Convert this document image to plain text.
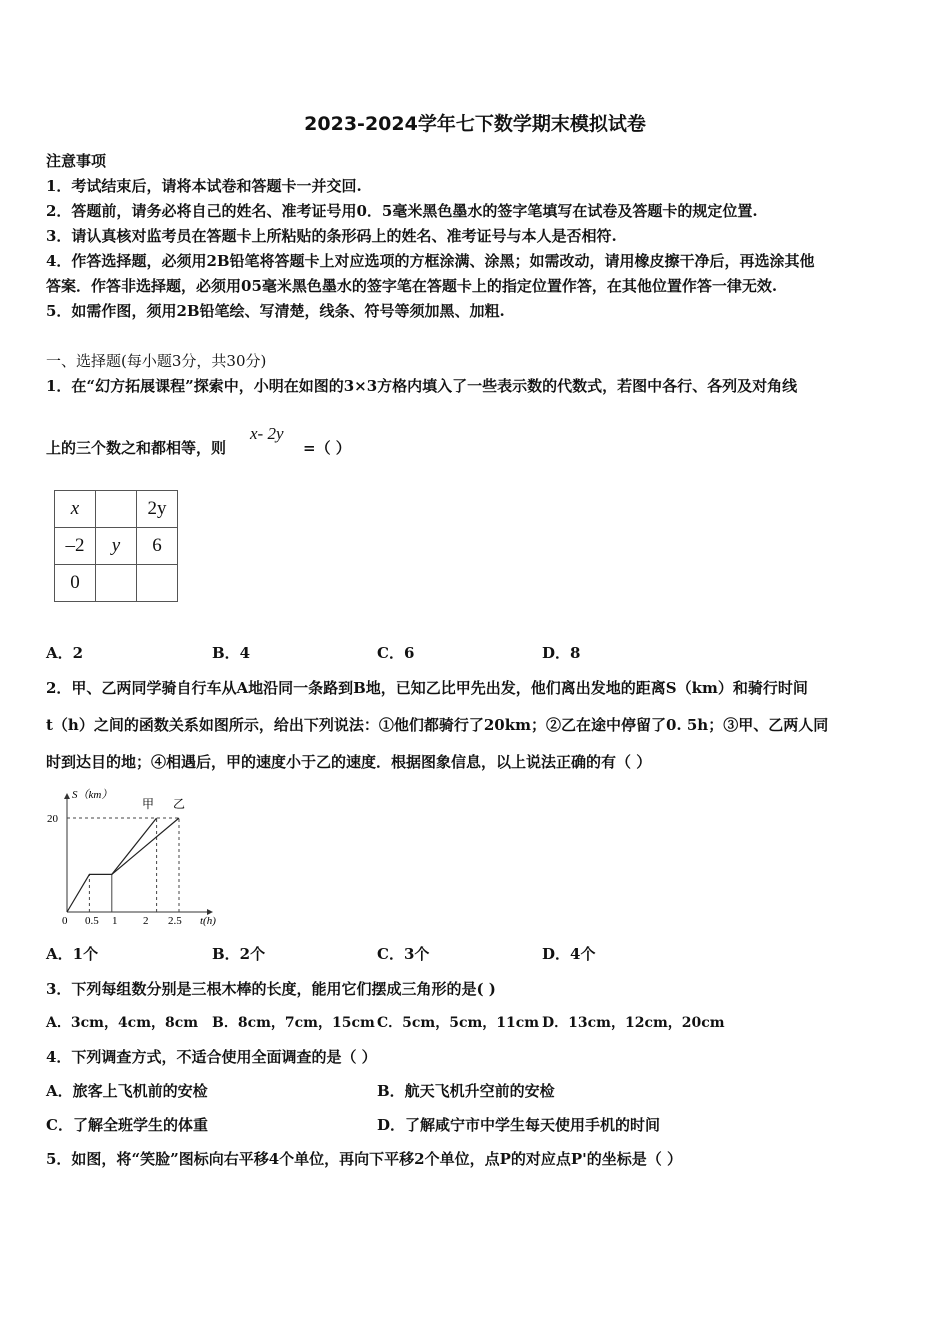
2023-2024学年七下数学期末模拟试卷
注意事项
1．考试结束后，请将本试卷和答题卡一并交回.
2．答题前，请务必将自己的姓名、准考证号用0．5毫米黑色墨水的签字笔填写在试卷及答题卡的规定位置.
3．请认真核对监考员在答题卡上所粘贴的条形码上的姓名、准考证号与本人是否相符.
4．作答选择题，必须用2B铅笔将答题卡上对应选项的方框涂满、涂黑；如需改动，请用橡皮擦干净后，再选涂其他
答案．作答非选择题，必须用05毫米黑色墨水的签字笔在答题卡上的指定位置作答，在其他位置作答一律无效.
5．如需作图，须用2B铅笔绘、写清楚，线条、符号等须加黑、加粗.
一、选择题(每小题3分，共30分)
1．在“幻方拓展课程”探索中，小明在如图的3×3方格内填入了一些表示数的代数式，若图中各行、各列及对角线
上的三个数之和都相等，则
x- 2y
=（ ）
x		2y
–2	y	6
0		
A．2	B．4	C．6	D．8
2．甲、乙两同学骑自行车从A地沿同一条路到B地，已知乙比甲先出发，他们离出发地的距离S（km）和骑行时间
t（h）之间的函数关系如图所示，给出下列说法：①他们都骑行了20km；②乙在途中停留了0. 5h；③甲、乙两人同
时到达目的地；④相遇后，甲的速度小于乙的速度．根据图象信息，以上说法正确的有（ ）
S（km）
t(h)
20
0 0.5 1 2 2.5
甲 乙
A．1个	B．2个	C．3个	D．4个
3．下列每组数分别是三根木棒的长度，能用它们摆成三角形的是( )
A．3cm，4cm，8cm B．8cm，7cm，15cm C．5cm，5cm，11cm D．13cm，12cm，20cm
4．下列调查方式，不适合使用全面调查的是（ ）
A．旅客上飞机前的安检	B．航天飞机升空前的安检
C．了解全班学生的体重	D．了解咸宁市中学生每天使用手机的时间
5．如图，将“笑脸”图标向右平移4个单位，再向下平移2个单位，点P的对应点P'的坐标是（ ）
